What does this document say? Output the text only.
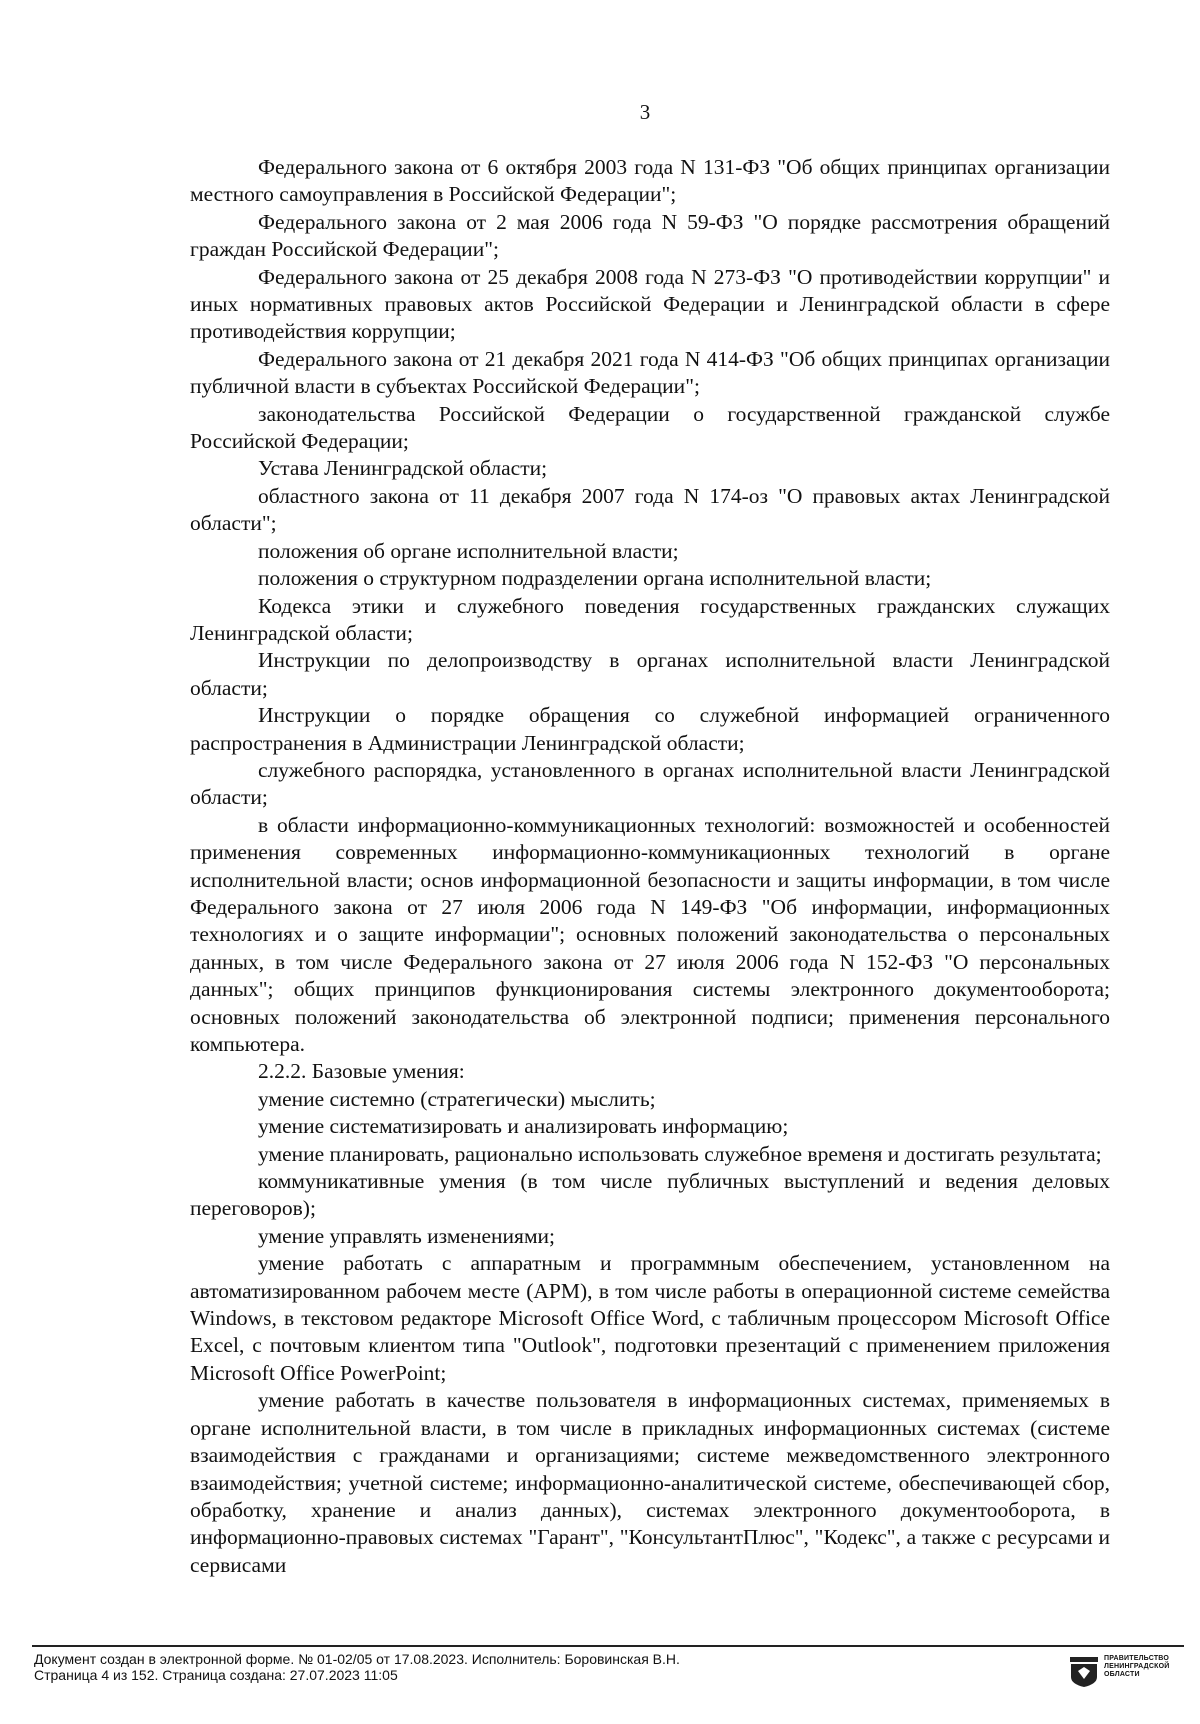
3

Федерального закона от 6 октября 2003 года N 131-ФЗ "Об общих принципах организации местного самоуправления в Российской Федерации";

Федерального закона от 2 мая 2006 года N 59-ФЗ "О порядке рассмотрения обращений граждан Российской Федерации";

Федерального закона от 25 декабря 2008 года N 273-ФЗ "О противодействии коррупции" и иных нормативных правовых актов Российской Федерации и Ленинградской области в сфере противодействия коррупции;

Федерального закона от 21 декабря 2021 года N 414-ФЗ "Об общих принципах организации публичной власти в субъектах Российской Федерации";

законодательства Российской Федерации о государственной гражданской службе Российской Федерации;

Устава Ленинградской области;

областного закона от 11 декабря 2007 года N 174-оз "О правовых актах Ленинградской области";

положения об органе исполнительной власти;

положения о структурном подразделении органа исполнительной власти;

Кодекса этики и служебного поведения государственных гражданских служащих Ленинградской области;

Инструкции по делопроизводству в органах исполнительной власти Ленинградской области;

Инструкции о порядке обращения со служебной информацией ограниченного распространения в Администрации Ленинградской области;

служебного распорядка, установленного в органах исполнительной власти Ленинградской области;

в области информационно-коммуникационных технологий: возможностей и особенностей применения современных информационно-коммуникационных технологий в органе исполнительной власти; основ информационной безопасности и защиты информации, в том числе Федерального закона от 27 июля 2006 года N 149-ФЗ "Об информации, информационных технологиях и о защите информации"; основных положений законодательства о персональных данных, в том числе Федерального закона от 27 июля 2006 года N 152-ФЗ "О персональных данных"; общих принципов функционирования системы электронного документооборота; основных положений законодательства об электронной подписи; применения персонального компьютера.

2.2.2. Базовые умения:

умение системно (стратегически) мыслить;

умение систематизировать и анализировать информацию;

умение планировать, рационально использовать служебное временя и достигать результата;

коммуникативные умения (в том числе публичных выступлений и ведения деловых переговоров);

умение управлять изменениями;

умение работать с аппаратным и программным обеспечением, установленном на автоматизированном рабочем месте (АРМ), в том числе работы в операционной системе семейства Windows, в текстовом редакторе Microsoft Office Word, с табличным процессором Microsoft Office Excel, с почтовым клиентом типа "Outlook", подготовки презентаций с применением приложения Microsoft Office PowerPoint;

умение работать в качестве пользователя в информационных системах, применяемых в органе исполнительной власти, в том числе в прикладных информационных системах (системе взаимодействия с гражданами и организациями; системе межведомственного электронного взаимодействия; учетной системе; информационно-аналитической системе, обеспечивающей сбор, обработку, хранение и анализ данных), системах электронного документооборота, в информационно-правовых системах "Гарант", "КонсультантПлюс", "Кодекс", а также с ресурсами и сервисами

Документ создан в электронной форме. № 01-02/05 от 17.08.2023. Исполнитель: Боровинская В.Н.
Страница 4 из 152. Страница создана: 27.07.2023 11:05
ПРАВИТЕЛЬСТВО
ЛЕНИНГРАДСКОЙ
ОБЛАСТИ
